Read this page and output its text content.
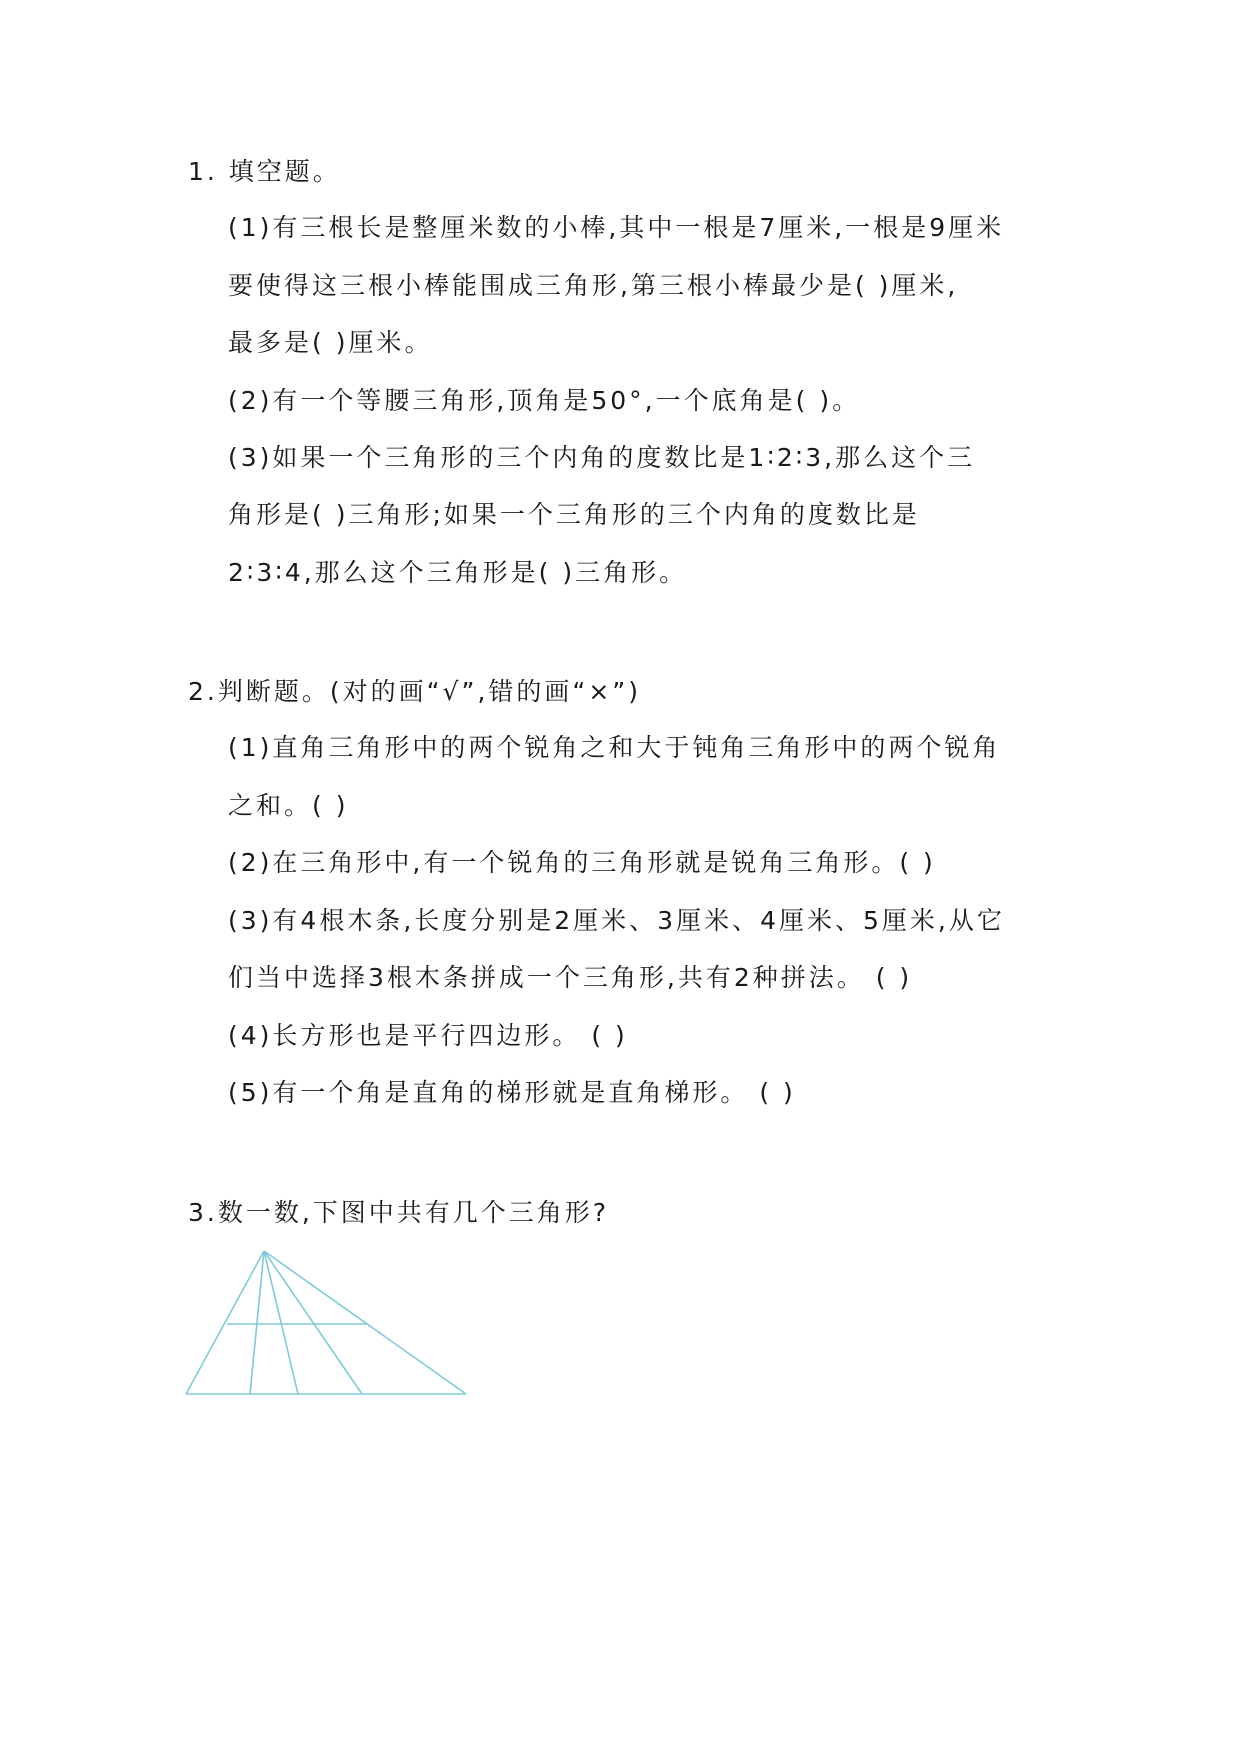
1. 填空题。
(1)有三根长是整厘米数的小棒,其中一根是7厘米,一根是9厘米
要使得这三根小棒能围成三角形,第三根小棒最少是( )厘米,
最多是( )厘米。
(2)有一个等腰三角形,顶角是50°,一个底角是( )。
(3)如果一个三角形的三个内角的度数比是1∶2∶3,那么这个三
角形是( )三角形;如果一个三角形的三个内角的度数比是
2∶3∶4,那么这个三角形是( )三角形。
2.判断题。(对的画“√”,错的画“×”)
(1)直角三角形中的两个锐角之和大于钝角三角形中的两个锐角
之和。( )
(2)在三角形中,有一个锐角的三角形就是锐角三角形。( )
(3)有4根木条,长度分别是2厘米、3厘米、4厘米、5厘米,从它
们当中选择3根木条拼成一个三角形,共有2种拼法。 ( )
(4)长方形也是平行四边形。 ( )
(5)有一个角是直角的梯形就是直角梯形。 ( )
3.数一数,下图中共有几个三角形?
